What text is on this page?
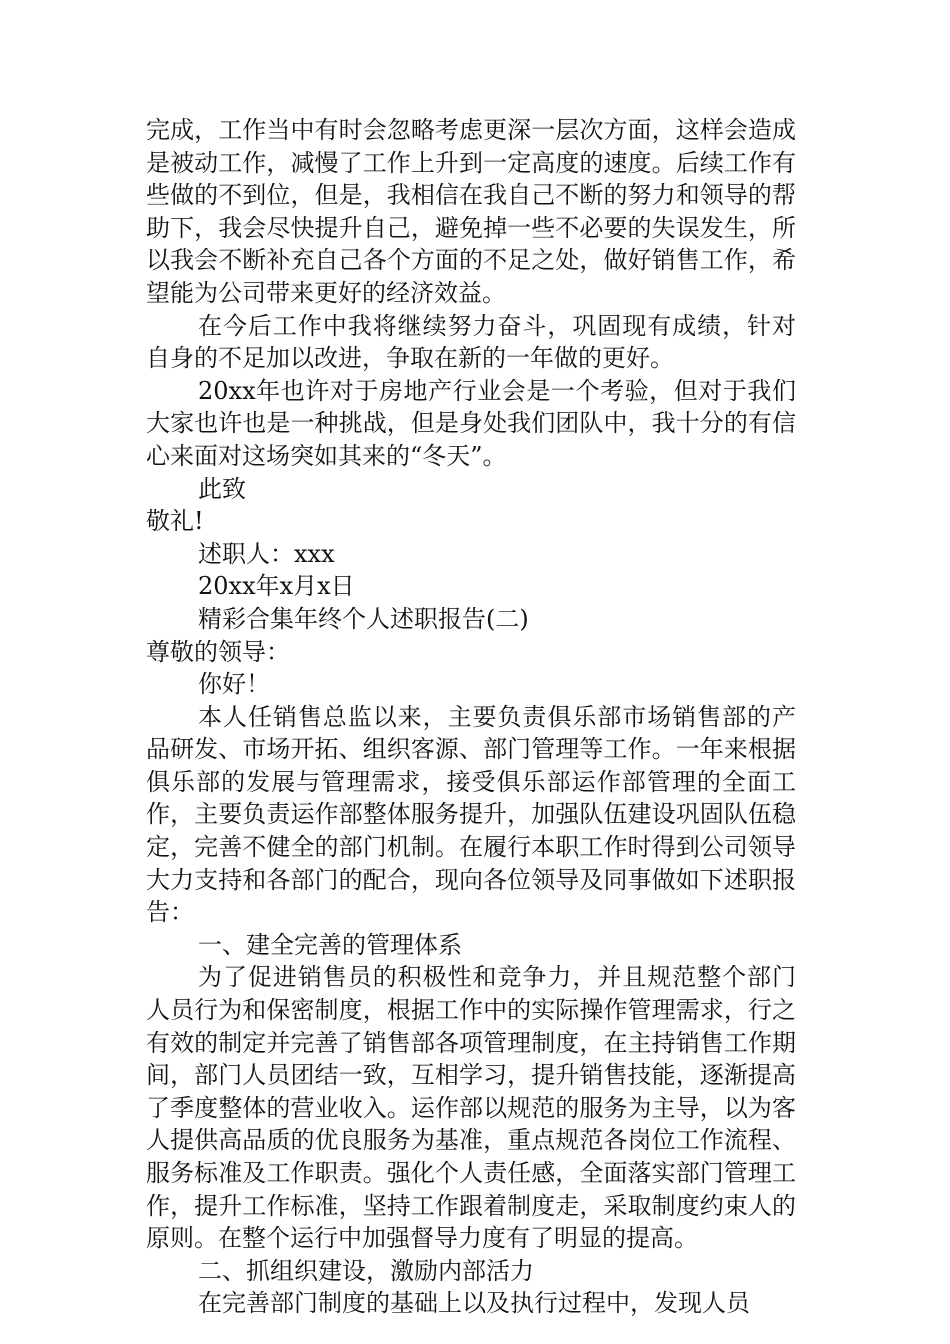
完成，工作当中有时会忽略考虑更深一层次方面，这样会造成是被动工作，减慢了工作上升到一定高度的速度。后续工作有些做的不到位，但是，我相信在我自己不断的努力和领导的帮助下，我会尽快提升自己，避免掉一些不必要的失误发生，所以我会不断补充自己各个方面的不足之处，做好销售工作，希望能为公司带来更好的经济效益。

在今后工作中我将继续努力奋斗，巩固现有成绩，针对自身的不足加以改进，争取在新的一年做的更好。

20xx年也许对于房地产行业会是一个考验，但对于我们大家也许也是一种挑战，但是身处我们团队中，我十分的有信心来面对这场突如其来的“冬天”。

此致

敬礼!

述职人：xxx

20xx年x月x日

精彩合集年终个人述职报告(二)

尊敬的领导：

你好！

本人任销售总监以来，主要负责俱乐部市场销售部的产品研发、市场开拓、组织客源、部门管理等工作。一年来根据俱乐部的发展与管理需求，接受俱乐部运作部管理的全面工作，主要负责运作部整体服务提升，加强队伍建设巩固队伍稳定，完善不健全的部门机制。在履行本职工作时得到公司领导大力支持和各部门的配合，现向各位领导及同事做如下述职报告：

一、建全完善的管理体系

为了促进销售员的积极性和竞争力，并且规范整个部门人员行为和保密制度，根据工作中的实际操作管理需求，行之有效的制定并完善了销售部各项管理制度，在主持销售工作期间，部门人员团结一致，互相学习，提升销售技能，逐渐提高了季度整体的营业收入。运作部以规范的服务为主导，以为客人提供高品质的优良服务为基准，重点规范各岗位工作流程、服务标准及工作职责。强化个人责任感，全面落实部门管理工作，提升工作标准，坚持工作跟着制度走，采取制度约束人的原则。在整个运行中加强督导力度有了明显的提高。

二、抓组织建设，激励内部活力

在完善部门制度的基础上以及执行过程中，发现人员
